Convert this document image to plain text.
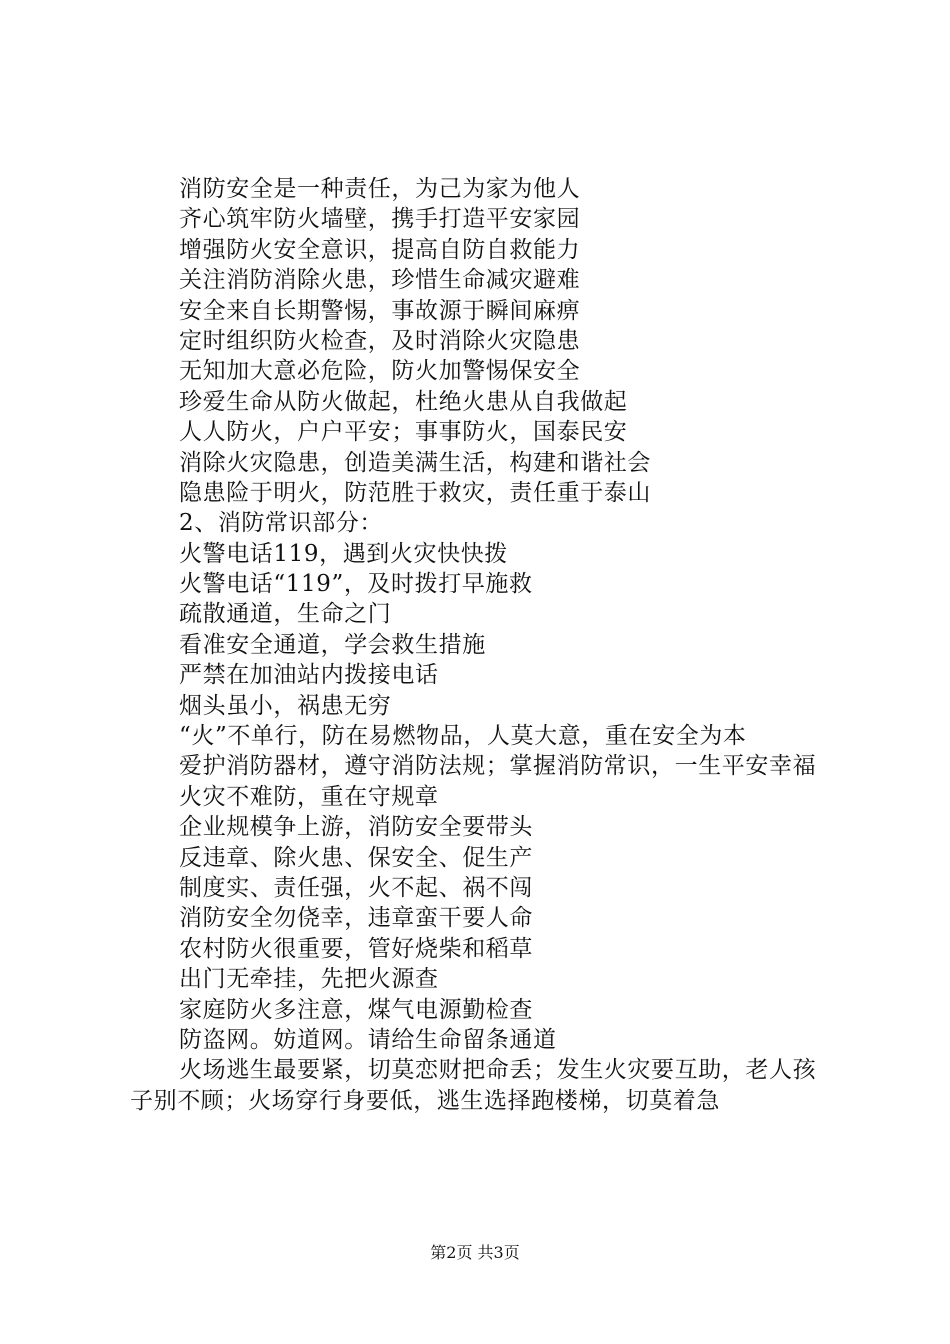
消防安全是一种责任，为己为家为他人
齐心筑牢防火墙壁，携手打造平安家园
增强防火安全意识，提高自防自救能力
关注消防消除火患，珍惜生命减灾避难
安全来自长期警惕，事故源于瞬间麻痹
定时组织防火检查，及时消除火灾隐患
无知加大意必危险，防火加警惕保安全
珍爱生命从防火做起，杜绝火患从自我做起
人人防火，户户平安；事事防火，国泰民安
消除火灾隐患，创造美满生活，构建和谐社会
隐患险于明火，防范胜于救灾，责任重于泰山
2、消防常识部分：
火警电话119，遇到火灾快快拨
火警电话“119”，及时拨打早施救
疏散通道，生命之门
看准安全通道，学会救生措施
严禁在加油站内拨接电话
烟头虽小，祸患无穷
“火”不单行，防在易燃物品，人莫大意，重在安全为本
爱护消防器材，遵守消防法规；掌握消防常识，一生平安幸福
火灾不难防，重在守规章
企业规模争上游，消防安全要带头
反违章、除火患、保安全、促生产
制度实、责任强，火不起、祸不闯
消防安全勿侥幸，违章蛮干要人命
农村防火很重要，管好烧柴和稻草
出门无牵挂，先把火源查
家庭防火多注意，煤气电源勤检查
防盗网。妨道网。请给生命留条通道
火场逃生最要紧，切莫恋财把命丢；发生火灾要互助，老人孩子别不顾；火场穿行身要低，逃生选择跑楼梯，切莫着急
第2页 共3页
